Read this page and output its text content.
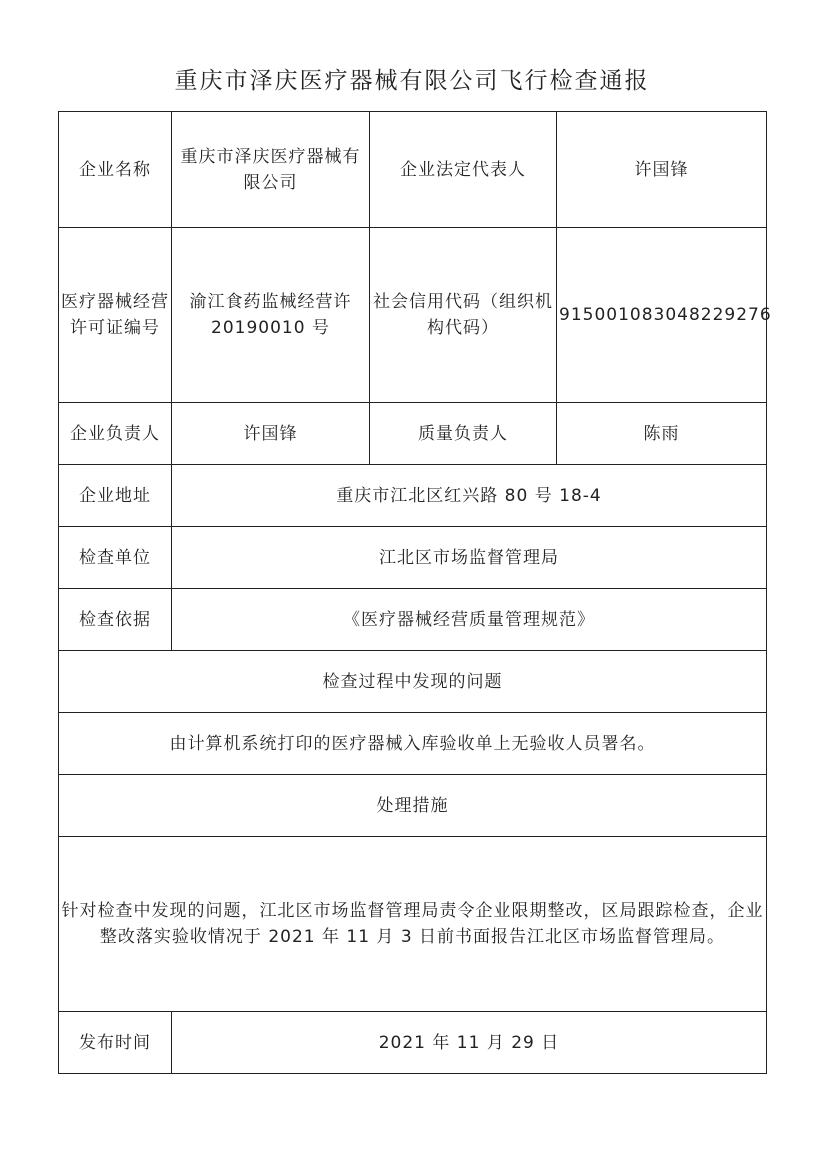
重庆市泽庆医疗器械有限公司飞行检查通报
企业名称	重庆市泽庆医疗器械有限公司	企业法定代表人	许国锋
医疗器械经营许可证编号	渝江食药监械经营许20190010 号	社会信用代码（组织机构代码）	915001083048229276
企业负责人	许国锋	质量负责人	陈雨
企业地址	重庆市江北区红兴路 80 号 18-4		
检查单位	江北区市场监督管理局		
检查依据	《医疗器械经营质量管理规范》		
检查过程中发现的问题			
由计算机系统打印的医疗器械入库验收单上无验收人员署名。			
处理措施			
针对检查中发现的问题，江北区市场监督管理局责令企业限期整改，区局跟踪检查，企业整改落实验收情况于 2021 年 11 月 3 日前书面报告江北区市场监督管理局。			
发布时间	2021 年 11 月 29 日		
